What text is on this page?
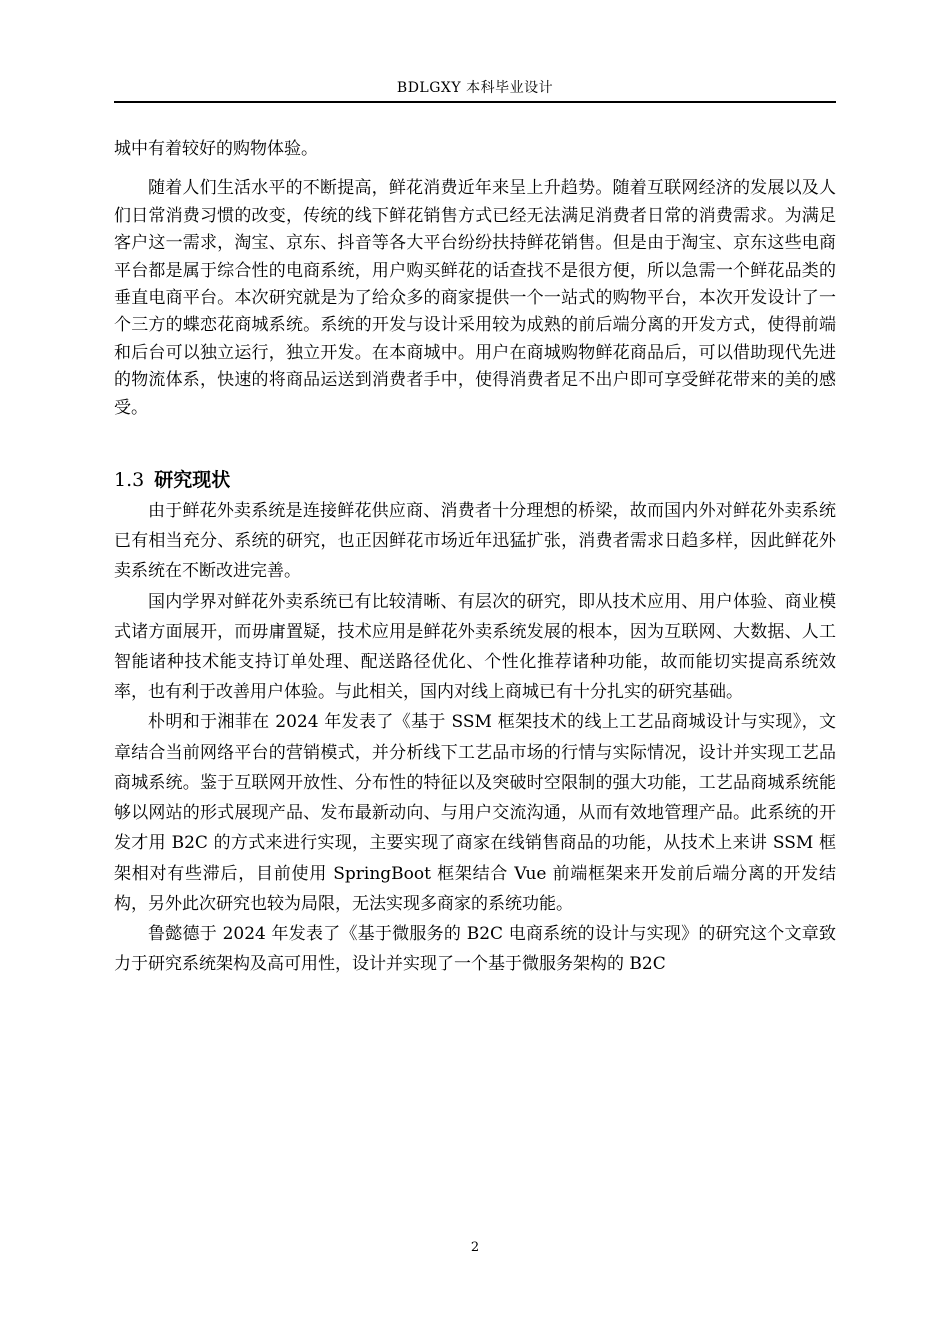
BDLGXY 本科毕业设计

城中有着较好的购物体验。

随着人们生活水平的不断提高，鲜花消费近年来呈上升趋势。随着互联网经济的发展以及人们日常消费习惯的改变，传统的线下鲜花销售方式已经无法满足消费者日常的消费需求。为满足客户这一需求，淘宝、京东、抖音等各大平台纷纷扶持鲜花销售。但是由于淘宝、京东这些电商平台都是属于综合性的电商系统，用户购买鲜花的话查找不是很方便，所以急需一个鲜花品类的垂直电商平台。本次研究就是为了给众多的商家提供一个一站式的购物平台，本次开发设计了一个三方的蝶恋花商城系统。系统的开发与设计采用较为成熟的前后端分离的开发方式，使得前端和后台可以独立运行，独立开发。在本商城中。用户在商城购物鲜花商品后，可以借助现代先进的物流体系，快速的将商品运送到消费者手中，使得消费者足不出户即可享受鲜花带来的美的感受。

1.3 研究现状

由于鲜花外卖系统是连接鲜花供应商、消费者十分理想的桥梁，故而国内外对鲜花外卖系统已有相当充分、系统的研究，也正因鲜花市场近年迅猛扩张，消费者需求日趋多样，因此鲜花外卖系统在不断改进完善。

国内学界对鲜花外卖系统已有比较清晰、有层次的研究，即从技术应用、用户体验、商业模式诸方面展开，而毋庸置疑，技术应用是鲜花外卖系统发展的根本，因为互联网、大数据、人工智能诸种技术能支持订单处理、配送路径优化、个性化推荐诸种功能，故而能切实提高系统效率，也有利于改善用户体验。与此相关，国内对线上商城已有十分扎实的研究基础。

朴明和于湘菲在 2024 年发表了《基于 SSM 框架技术的线上工艺品商城设计与实现》，文章结合当前网络平台的营销模式，并分析线下工艺品市场的行情与实际情况，设计并实现工艺品商城系统。鉴于互联网开放性、分布性的特征以及突破时空限制的强大功能，工艺品商城系统能够以网站的形式展现产品、发布最新动向、与用户交流沟通，从而有效地管理产品。此系统的开发才用 B2C 的方式来进行实现，主要实现了商家在线销售商品的功能，从技术上来讲 SSM 框架相对有些滞后，目前使用 SpringBoot 框架结合 Vue 前端框架来开发前后端分离的开发结构，另外此次研究也较为局限，无法实现多商家的系统功能。

鲁懿德于 2024 年发表了《基于微服务的 B2C 电商系统的设计与实现》的研究这个文章致力于研究系统架构及高可用性，设计并实现了一个基于微服务架构的 B2C

2
